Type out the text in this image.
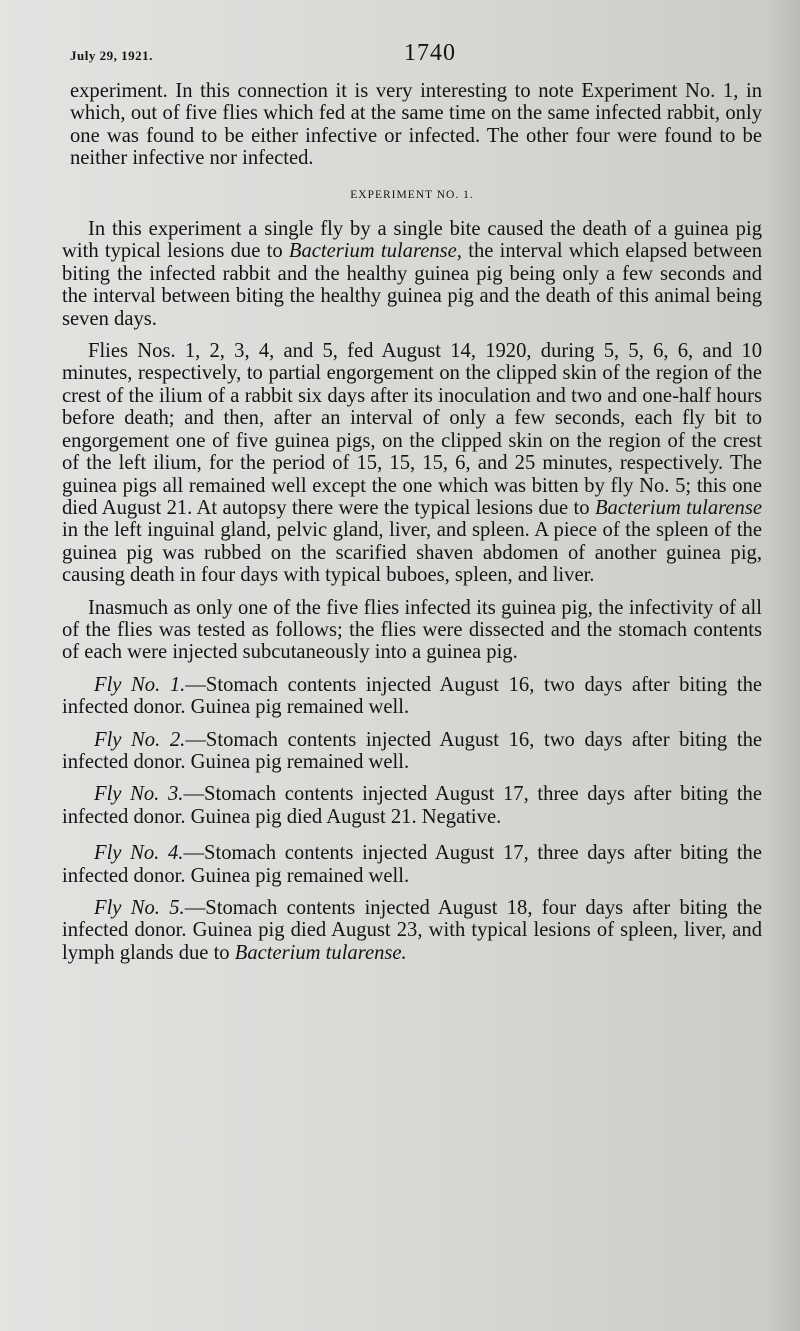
July 29, 1921.	1740

experiment. In this connection it is very interesting to note Experiment No. 1, in which, out of five flies which fed at the same time on the same infected rabbit, only one was found to be either infective or infected. The other four were found to be neither infective nor infected.

EXPERIMENT NO. 1.

In this experiment a single fly by a single bite caused the death of a guinea pig with typical lesions due to Bacterium tularense, the interval which elapsed between biting the infected rabbit and the healthy guinea pig being only a few seconds and the interval between biting the healthy guinea pig and the death of this animal being seven days.

Flies Nos. 1, 2, 3, 4, and 5, fed August 14, 1920, during 5, 5, 6, 6, and 10 minutes, respectively, to partial engorgement on the clipped skin of the region of the crest of the ilium of a rabbit six days after its inoculation and two and one-half hours before death; and then, after an interval of only a few seconds, each fly bit to engorgement one of five guinea pigs, on the clipped skin on the region of the crest of the left ilium, for the period of 15, 15, 15, 6, and 25 minutes, respectively. The guinea pigs all remained well except the one which was bitten by fly No. 5; this one died August 21. At autopsy there were the typical lesions due to Bacterium tularense in the left inguinal gland, pelvic gland, liver, and spleen. A piece of the spleen of the guinea pig was rubbed on the scarified shaven abdomen of another guinea pig, causing death in four days with typical buboes, spleen, and liver.

Inasmuch as only one of the five flies infected its guinea pig, the infectivity of all of the flies was tested as follows; the flies were dissected and the stomach contents of each were injected subcutaneously into a guinea pig.

Fly No. 1.—Stomach contents injected August 16, two days after biting the infected donor. Guinea pig remained well.

Fly No. 2.—Stomach contents injected August 16, two days after biting the infected donor. Guinea pig remained well.

Fly No. 3.—Stomach contents injected August 17, three days after biting the infected donor. Guinea pig died August 21. Negative.

Fly No. 4.—Stomach contents injected August 17, three days after biting the infected donor. Guinea pig remained well.

Fly No. 5.—Stomach contents injected August 18, four days after biting the infected donor. Guinea pig died August 23, with typical lesions of spleen, liver, and lymph glands due to Bacterium tularense.
